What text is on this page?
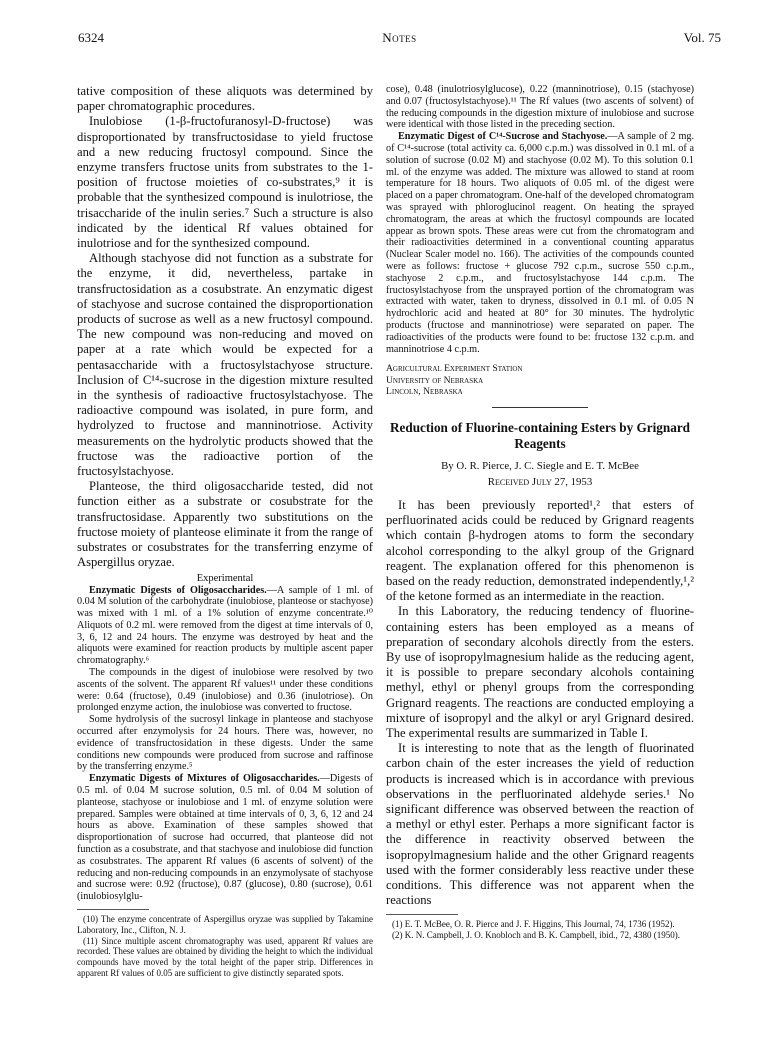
6324	Notes	Vol. 75

tative composition of these aliquots was determined by paper chromatographic procedures.

Inulobiose (1-β-fructofuranosyl-D-fructose) was disproportionated by transfructosidase to yield fructose and a new reducing fructosyl compound. Since the enzyme transfers fructose units from substrates to the 1-position of fructose moieties of co-substrates,⁹ it is probable that the synthesized compound is inulotriose, the trisaccharide of the inulin series.⁷ Such a structure is also indicated by the identical Rf values obtained for inulotriose and for the synthesized compound.

Although stachyose did not function as a substrate for the enzyme, it did, nevertheless, partake in transfructosidation as a cosubstrate. An enzymatic digest of stachyose and sucrose contained the disproportionation products of sucrose as well as a new fructosyl compound. The new compound was non-reducing and moved on paper at a rate which would be expected for a pentasaccharide with a fructosylstachyose structure. Inclusion of C¹⁴-sucrose in the digestion mixture resulted in the synthesis of radioactive fructosylstachyose. The radioactive compound was isolated, in pure form, and hydrolyzed to fructose and manninotriose. Activity measurements on the hydrolytic products showed that the fructose was the radioactive portion of the fructosylstachyose.

Planteose, the third oligosaccharide tested, did not function either as a substrate or cosubstrate for the transfructosidase. Apparently two substitutions on the fructose moiety of planteose eliminate it from the range of substrates or cosubstrates for the transferring enzyme of Aspergillus oryzae.

Experimental

Enzymatic Digests of Oligosaccharides.—A sample of 1 ml. of 0.04 M solution of the carbohydrate (inulobiose, planteose or stachyose) was mixed with 1 ml. of a 1% solution of enzyme concentrate.¹⁰ Aliquots of 0.2 ml. were removed from the digest at time intervals of 0, 3, 6, 12 and 24 hours. The enzyme was destroyed by heat and the aliquots were examined for reaction products by multiple ascent paper chromatography.⁶

The compounds in the digest of inulobiose were resolved by two ascents of the solvent. The apparent Rf values¹¹ under these conditions were: 0.64 (fructose), 0.49 (inulobiose) and 0.36 (inulotriose). On prolonged enzyme action, the inulobiose was converted to fructose.

Some hydrolysis of the sucrosyl linkage in planteose and stachyose occurred after enzymolysis for 24 hours. There was, however, no evidence of transfructosidation in these digests. Under the same conditions new compounds were produced from sucrose and raffinose by the transferring enzyme.⁵

Enzymatic Digests of Mixtures of Oligosaccharides.—Digests of 0.5 ml. of 0.04 M sucrose solution, 0.5 ml. of 0.04 M solution of planteose, stachyose or inulobiose and 1 ml. of enzyme solution were prepared. Samples were obtained at time intervals of 0, 3, 6, 12 and 24 hours as above. Examination of these samples showed that disproportionation of sucrose had occurred, that planteose did not function as a cosubstrate, and that stachyose and inulobiose did function as cosubstrates. The apparent Rf values (6 ascents of solvent) of the reducing and non-reducing compounds in an enzymolysate of stachyose and sucrose were: 0.92 (fructose), 0.87 (glucose), 0.80 (sucrose), 0.61 (inulobiosylglu-

(10) The enzyme concentrate of Aspergillus oryzae was supplied by Takamine Laboratory, Inc., Clifton, N. J.

(11) Since multiple ascent chromatography was used, apparent Rf values are recorded. These values are obtained by dividing the height to which the individual compounds have moved by the total height of the paper strip. Differences in apparent Rf values of 0.05 are sufficient to give distinctly separated spots.

cose), 0.48 (inulotriosylglucose), 0.22 (manninotriose), 0.15 (stachyose) and 0.07 (fructosylstachyose).¹¹ The Rf values (two ascents of solvent) of the reducing compounds in the digestion mixture of inulobiose and sucrose were identical with those listed in the preceding section.

Enzymatic Digest of C¹⁴-Sucrose and Stachyose.—A sample of 2 mg. of C¹⁴-sucrose (total activity ca. 6,000 c.p.m.) was dissolved in 0.1 ml. of a solution of sucrose (0.02 M) and stachyose (0.02 M). To this solution 0.1 ml. of the enzyme was added. The mixture was allowed to stand at room temperature for 18 hours. Two aliquots of 0.05 ml. of the digest were placed on a paper chromatogram. One-half of the developed chromatogram was sprayed with phloroglucinol reagent. On heating the sprayed chromatogram, the areas at which the fructosyl compounds are located appear as brown spots. These areas were cut from the chromatogram and their radioactivities determined in a conventional counting apparatus (Nuclear Scaler model no. 166). The activities of the compounds counted were as follows: fructose + glucose 792 c.p.m., sucrose 550 c.p.m., stachyose 2 c.p.m., and fructosylstachyose 144 c.p.m. The fructosylstachyose from the unsprayed portion of the chromatogram was extracted with water, taken to dryness, dissolved in 0.1 ml. of 0.05 N hydrochloric acid and heated at 80° for 30 minutes. The hydrolytic products (fructose and manninotriose) were separated on paper. The radioactivities of the products were found to be: fructose 132 c.p.m. and manninotriose 4 c.p.m.

Agricultural Experiment Station
University of Nebraska
Lincoln, Nebraska
Reduction of Fluorine-containing Esters by Grignard Reagents
By O. R. Pierce, J. C. Siegle and E. T. McBee
Received July 27, 1953

It has been previously reported¹,² that esters of perfluorinated acids could be reduced by Grignard reagents which contain β-hydrogen atoms to form the secondary alcohol corresponding to the alkyl group of the Grignard reagent. The explanation offered for this phenomenon is based on the ready reduction, demonstrated independently,¹,² of the ketone formed as an intermediate in the reaction.

In this Laboratory, the reducing tendency of fluorine-containing esters has been employed as a means of preparation of secondary alcohols directly from the esters. By use of isopropylmagnesium halide as the reducing agent, it is possible to prepare secondary alcohols containing methyl, ethyl or phenyl groups from the corresponding Grignard reagents. The reactions are conducted employing a mixture of isopropyl and the alkyl or aryl Grignard desired. The experimental results are summarized in Table I.

It is interesting to note that as the length of fluorinated carbon chain of the ester increases the yield of reduction products is increased which is in accordance with previous observations in the perfluorinated aldehyde series.¹ No significant difference was observed between the reaction of a methyl or ethyl ester. Perhaps a more significant factor is the difference in reactivity observed between the isopropylmagnesium halide and the other Grignard reagents used with the former considerably less reactive under these conditions. This difference was not apparent when the reactions

(1) E. T. McBee, O. R. Pierce and J. F. Higgins, This Journal, 74, 1736 (1952).

(2) K. N. Campbell, J. O. Knobloch and B. K. Campbell, ibid., 72, 4380 (1950).
